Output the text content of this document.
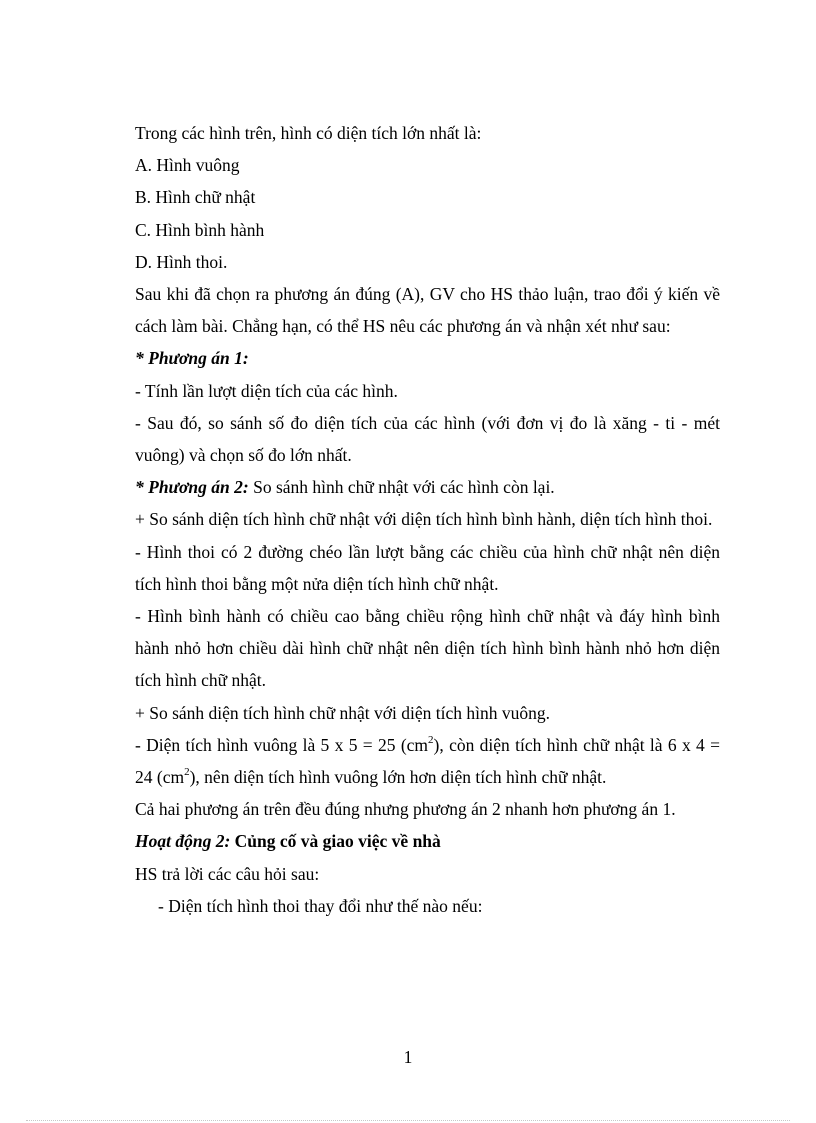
Trong các hình trên, hình có diện tích lớn nhất là:

A. Hình vuông

B. Hình chữ nhật

C. Hình bình hành

D. Hình thoi.

Sau khi đã chọn ra phương án đúng (A), GV cho HS thảo luận, trao đổi ý kiến về cách làm bài. Chẳng hạn, có thể HS nêu các phương án và nhận xét như sau:

* Phương án 1:

- Tính lần lượt diện tích của các hình.

- Sau đó, so sánh số đo diện tích của các hình (với đơn vị đo là xăng - ti - mét vuông) và chọn số đo lớn nhất.

* Phương án 2: So sánh hình chữ nhật với các hình còn lại.

+ So sánh diện tích hình chữ nhật với diện tích hình bình hành, diện tích hình thoi.

- Hình thoi có 2 đường chéo lần lượt bằng các chiều của hình chữ nhật nên diện tích hình thoi bằng một nửa diện tích hình chữ nhật.

- Hình bình hành có chiều cao bằng chiều rộng hình chữ nhật và đáy hình bình hành nhỏ hơn chiều dài hình chữ nhật nên diện tích hình bình hành nhỏ hơn diện tích hình chữ nhật.

+ So sánh diện tích hình chữ nhật với diện tích hình vuông.

- Diện tích hình vuông là 5 x 5 = 25 $(cm^2)$, còn diện tích hình chữ nhật là 6 x 4 = 24 $(cm^2)$, nên diện tích hình vuông lớn hơn diện tích hình chữ nhật.

Cả hai phương án trên đều đúng nhưng phương án 2 nhanh hơn phương án 1.

Hoạt động 2: Củng cố và giao việc về nhà

HS trả lời các câu hỏi sau:

- Diện tích hình thoi thay đổi như thế nào nếu:

1
